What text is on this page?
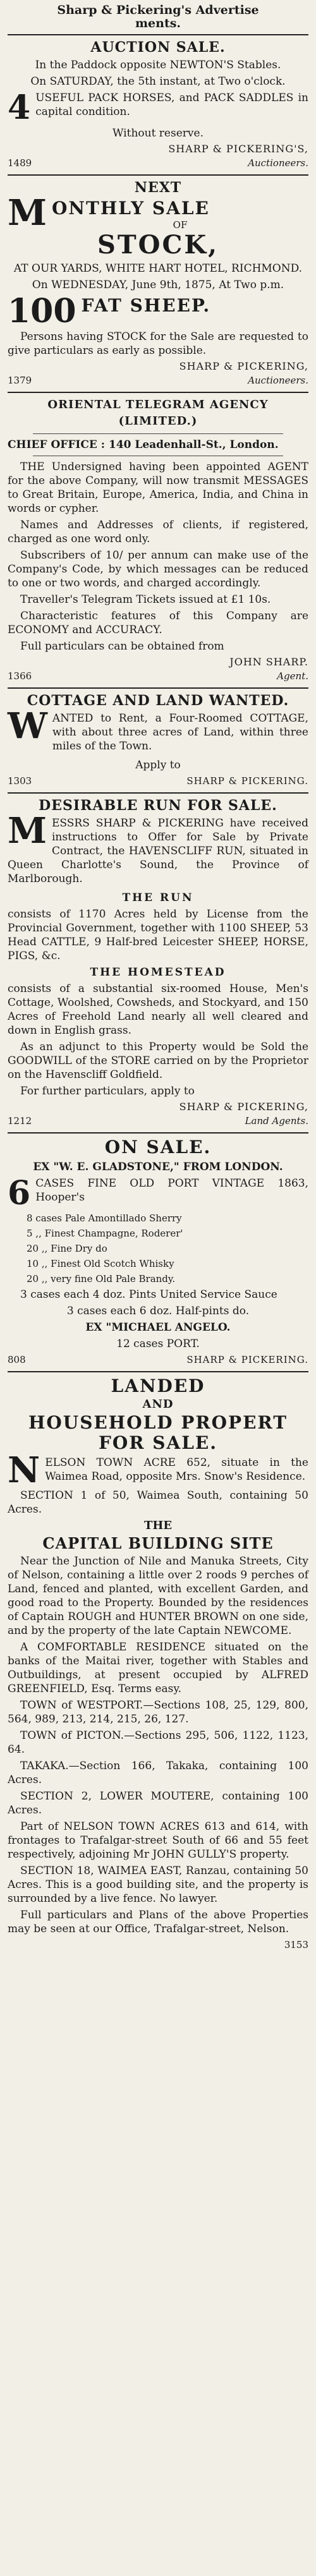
Sharp & Pickering's Advertise
ments.
AUCTION SALE.
In the Paddock opposite NEWTON'S Stables.
On SATURDAY, the 5th instant, at Two o'clock.
4 USEFUL PACK HORSES, and PACK SADDLES in capital condition.
Without reserve.
SHARP & PICKERING'S,
1489	Auctioneers.
NEXT
M ONTHLY SALE
OF
STOCK,
AT OUR YARDS, WHITE HART HOTEL, RICHMOND.
On WEDNESDAY, June 9th, 1875, At Two p.m.
100 FAT SHEEP.
Persons having STOCK for the Sale are requested to give particulars as early as possible.
SHARP & PICKERING,
1379	Auctioneers.
ORIENTAL TELEGRAM AGENCY (LIMITED.)
CHIEF OFFICE : 140 Leadenhall-St., London.
THE Undersigned having been appointed AGENT for the above Company, will now transmit MESSAGES to Great Britain, Europe, America, India, and China in words or cypher.
Names and Addresses of clients, if registered, charged as one word only.
Subscribers of 10/ per annum can make use of the Company's Code, by which messages can be reduced to one or two words, and charged accordingly.
Traveller's Telegram Tickets issued at £1 10s.
Characteristic features of this Company are ECONOMY and ACCURACY.
Full particulars can be obtained from
JOHN SHARP.
1366	Agent.
COTTAGE AND LAND WANTED.
W ANTED to Rent, a Four-Roomed COTTAGE, with about three acres of Land, within three miles of the Town.
Apply to
1303	SHARP & PICKERING.
DESIRABLE RUN FOR SALE.
M ESSRS SHARP & PICKERING have received instructions to Offer for Sale by Private Contract, the HAVENSCLIFF RUN, situated in Queen Charlotte's Sound, the Province of Marlborough.
THE RUN
consists of 1170 Acres held by License from the Provincial Government, together with 1100 SHEEP, 53 Head CATTLE, 9 Half-bred Leicester SHEEP, HORSE, PIGS, &c.
THE HOMESTEAD
consists of a substantial six-roomed House, Men's Cottage, Woolshed, Cowsheds, and Stockyard, and 150 Acres of Freehold Land nearly all well cleared and down in English grass.
As an adjunct to this Property would be Sold the GOODWILL of the STORE carried on by the Proprietor on the Havenscliff Goldfield.
For further particulars, apply to
SHARP & PICKERING,
1212	Land Agents.
ON SALE.
EX "W. E. GLADSTONE," FROM LONDON.
6 CASES FINE OLD PORT VINTAGE 1863, Hooper's
8 cases Pale Amontillado Sherry
5 ,, Finest Champagne, Roderer'
20 ,, Fine Dry do
10 ,, Finest Old Scotch Whisky
20 ,, very fine Old Pale Brandy.
3 cases each 4 doz. Pints United Service Sauce
3 cases each 6 doz. Half-pints do.
EX "MICHAEL ANGELO.
12 cases PORT.
808	SHARP & PICKERING.
LANDED
AND
HOUSEHOLD PROPERT
FOR SALE.
N ELSON TOWN ACRE 652, situate in the Waimea Road, opposite Mrs. Snow's Residence.
SECTION 1 of 50, Waimea South, containing 50 Acres.
THE
CAPITAL BUILDING SITE
Near the Junction of Nile and Manuka Streets, City of Nelson, containing a little over 2 roods 9 perches of Land, fenced and planted, with excellent Garden, and good road to the Property. Bounded by the residences of Captain ROUGH and HUNTER BROWN on one side, and by the property of the late Captain NEWCOME.
A COMFORTABLE RESIDENCE situated on the banks of the Maitai river, together with Stables and Outbuildings, at present occupied by ALFRED GREENFIELD, Esq. Terms easy.
TOWN of WESTPORT.—Sections 108, 25, 129, 800, 564, 989, 213, 214, 215, 26, 127.
TOWN of PICTON.—Sections 295, 506, 1122, 1123, 64.
TAKAKA.—Section 166, Takaka, containing 100 Acres.
SECTION 2, LOWER MOUTERE, containing 100 Acres.
Part of NELSON TOWN ACRES 613 and 614, with frontages to Trafalgar-street South of 66 and 55 feet respectively, adjoining Mr JOHN GULLY'S property.
SECTION 18, WAIMEA EAST, Ranzau, containing 50 Acres. This is a good building site, and the property is surrounded by a live fence. No lawyer.
Full particulars and Plans of the above Properties may be seen at our Office, Trafalgar-street, Nelson.
3153
